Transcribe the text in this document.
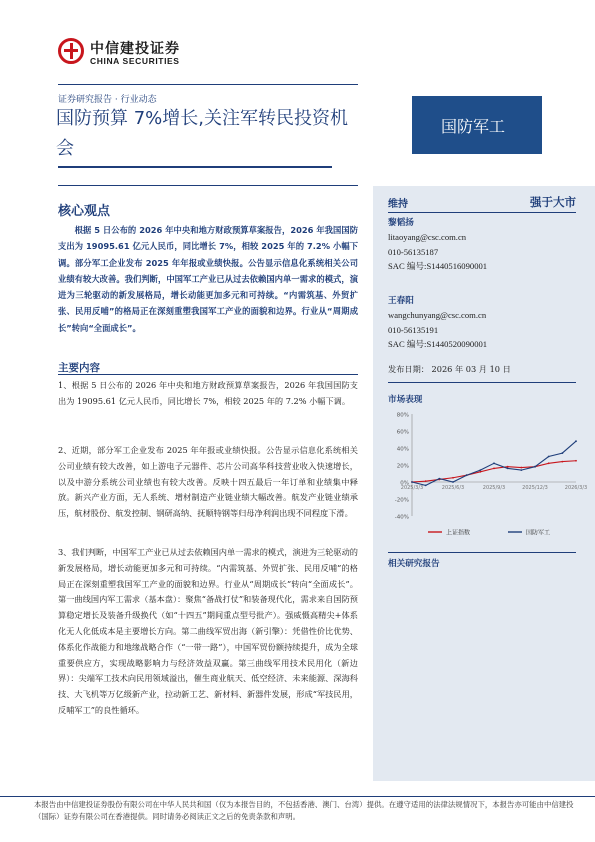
中信建投证券
CHINA SECURITIES
证券研究报告 · 行业动态
国防预算 7%增长,关注军转民投资机会
国防军工
核心观点
根据 5 日公布的 2026 年中央和地方财政预算草案报告，2026 年我国国防支出为 19095.61 亿元人民币，同比增长 7%，相较 2025 年的 7.2% 小幅下调。部分军工企业发布 2025 年年报或业绩快报。公告显示信息化系统相关公司业绩有较大改善。我们判断，中国军工产业已从过去依赖国内单一需求的模式，演进为三轮驱动的新发展格局，增长动能更加多元和可持续。“内需筑基、外贸扩张、民用反哺”的格局正在深刻重塑我国军工产业的面貌和边界。行业从“周期成长”转向“全面成长”。
主要内容
1、根据 5 日公布的 2026 年中央和地方财政预算草案报告，2026 年我国国防支出为 19095.61 亿元人民币，同比增长 7%，相较 2025 年的 7.2% 小幅下调。
2、近期，部分军工企业发布 2025 年年报或业绩快报。公告显示信息化系统相关公司业绩有较大改善，如上游电子元器件、芯片公司高华科技营业收入快速增长，以及中游分系统公司业绩也有较大改善。反映十四五最后一年订单和业绩集中释放。新兴产业方面，无人系统、增材制造产业链业绩大幅改善。航发产业链业绩承压，航材股份、航发控制、钢研高纳、抚顺特钢等归母净利润出现不同程度下滑。
3、我们判断，中国军工产业已从过去依赖国内单一需求的模式，演进为三轮驱动的新发展格局，增长动能更加多元和可持续。“内需筑基、外贸扩张、民用反哺”的格局正在深刻重塑我国军工产业的面貌和边界。行业从“周期成长”转向“全面成长”。第一曲线国内军工需求（基本盘）：聚焦“备战打仗”和装备现代化，需求来自国防预算稳定增长及装备升级换代（如“十四五”期间重点型号批产）。强威慑高精尖+体系化无人化低成本是主要增长方向。第二曲线军贸出海（新引擎）：凭借性价比优势、体系化作战能力和地缘战略合作（“一带一路”），中国军贸份额持续提升，成为全球重要供应方，实现战略影响力与经济效益双赢。第三曲线军用技术民用化（新边界）：尖端军工技术向民用领域溢出，催生商业航天、低空经济、未来能源、深海科技、大飞机等万亿级新产业，拉动新工艺、新材料、新器件发展，形成“军技民用，反哺军工”的良性循环。
维持	强于大市
黎韬扬
litaoyang@csc.com.cn
010-56135187
SAC 编号:S1440516090001
王春阳
wangchunyang@csc.com.cn
010-56135191
SAC 编号:S1440520090001
发布日期： 2026 年 03 月 10 日
市场表现
80%
60%
40%
20%
0%
-20%
-40%
2025/3/3	2025/6/3	2025/9/3	2025/12/3	2026/3/3
上证指数	国防军工
相关研究报告
本报告由中信建投证券股份有限公司在中华人民共和国（仅为本报告目的，不包括香港、澳门、台湾）提供。在遵守适用的法律法规情况下，本报告亦可能由中信建投（国际）证券有限公司在香港提供。同时请务必阅读正文之后的免责条款和声明。
